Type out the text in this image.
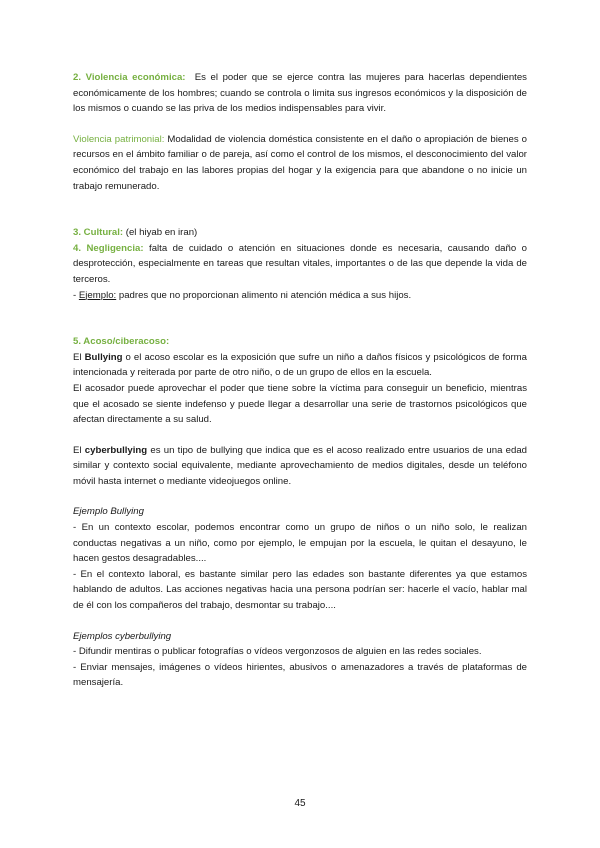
2. Violencia económica: Es el poder que se ejerce contra las mujeres para hacerlas dependientes económicamente de los hombres; cuando se controla o limita sus ingresos económicos y la disposición de los mismos o cuando se las priva de los medios indispensables para vivir.

Violencia patrimonial: Modalidad de violencia doméstica consistente en el daño o apropiación de bienes o recursos en el ámbito familiar o de pareja, así como el control de los mismos, el desconocimiento del valor económico del trabajo en las labores propias del hogar y la exigencia para que abandone o no inicie un trabajo remunerado.

3. Cultural: (el hiyab en iran)

4. Negligencia: falta de cuidado o atención en situaciones donde es necesaria, causando daño o desprotección, especialmente en tareas que resultan vitales, importantes o de las que depende la vida de terceros.

- Ejemplo: padres que no proporcionan alimento ni atención médica a sus hijos.

5. Acoso/ciberacoso:

El Bullying o el acoso escolar es la exposición que sufre un niño a daños físicos y psicológicos de forma intencionada y reiterada por parte de otro niño, o de un grupo de ellos en la escuela.

El acosador puede aprovechar el poder que tiene sobre la víctima para conseguir un beneficio, mientras que el acosado se siente indefenso y puede llegar a desarrollar una serie de trastornos psicológicos que afectan directamente a su salud.

El cyberbullying es un tipo de bullying que indica que es el acoso realizado entre usuarios de una edad similar y contexto social equivalente, mediante aprovechamiento de medios digitales, desde un teléfono móvil hasta internet o mediante videojuegos online.

Ejemplo Bullying

- En un contexto escolar, podemos encontrar como un grupo de niños o un niño solo, le realizan conductas negativas a un niño, como por ejemplo, le empujan por la escuela, le quitan el desayuno, le hacen gestos desagradables....

- En el contexto laboral, es bastante similar pero las edades son bastante diferentes ya que estamos hablando de adultos. Las acciones negativas hacia una persona podrían ser: hacerle el vacío, hablar mal de él con los compañeros del trabajo, desmontar su trabajo....

Ejemplos cyberbullying

- Difundir mentiras o publicar fotografías o vídeos vergonzosos de alguien en las redes sociales.

- Enviar mensajes, imágenes o vídeos hirientes, abusivos o amenazadores a través de plataformas de mensajería.

45
